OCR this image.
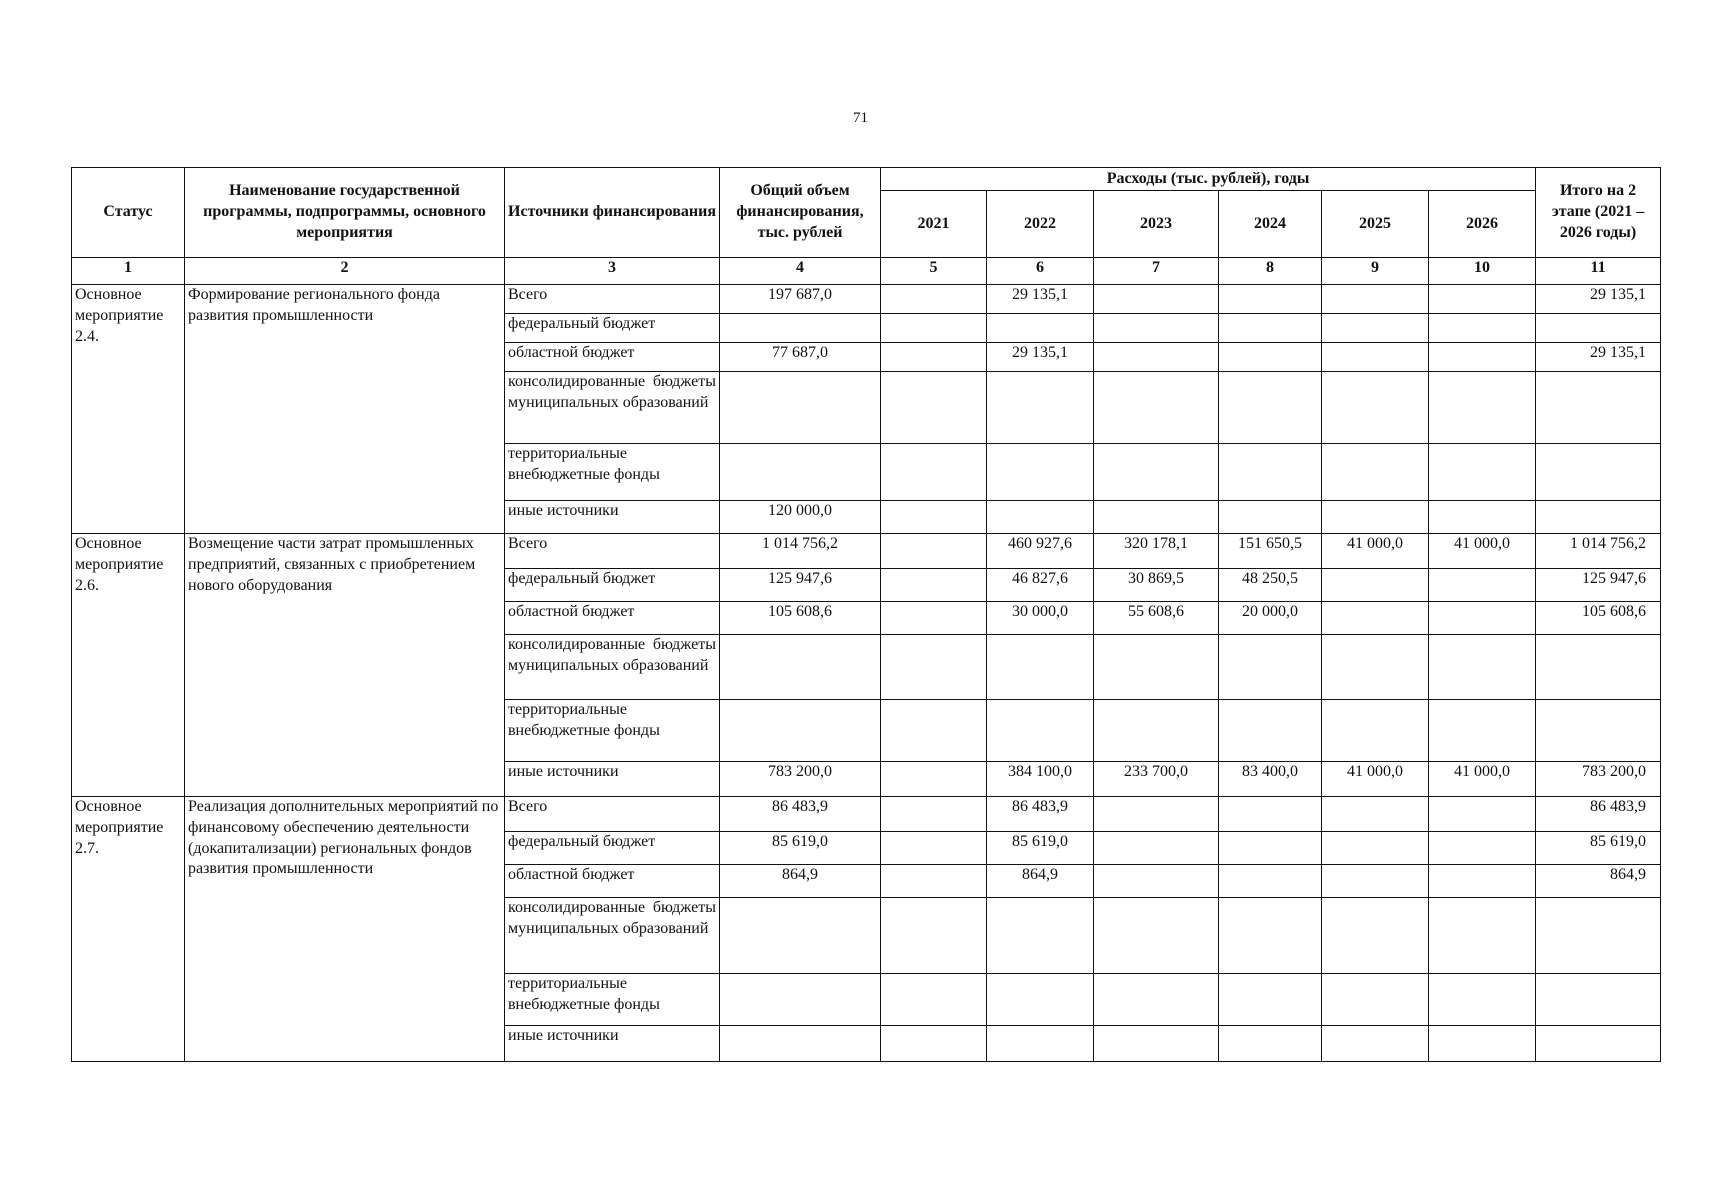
71
Статус	Наименование государственной программы, подпрограммы, основного мероприятия	Источники финансирования	Общий объем финансирования, тыс. рублей	Расходы (тыс. рублей), годы						Итого на 2 этапе (2021 – 2026 годы)
				2021	2022	2023	2024	2025	2026	
1	2	3	4	5	6	7	8	9	10	11
Основное мероприятие 2.4.	Формирование регионального фонда развития промышленности	Всего	197 687,0		29 135,1					29 135,1
		федеральный бюджет								
		областной бюджет	77 687,0		29 135,1					29 135,1
		консолидированные бюджеты муниципальных образований								
		территориальные внебюджетные фонды								
		иные источники	120 000,0							
Основное мероприятие 2.6.	Возмещение части затрат промышленных предприятий, связанных с приобретением нового оборудования	Всего	1 014 756,2		460 927,6	320 178,1	151 650,5	41 000,0	41 000,0	1 014 756,2
		федеральный бюджет	125 947,6		46 827,6	30 869,5	48 250,5			125 947,6
		областной бюджет	105 608,6		30 000,0	55 608,6	20 000,0			105 608,6
		консолидированные бюджеты муниципальных образований								
		территориальные внебюджетные фонды								
		иные источники	783 200,0		384 100,0	233 700,0	83 400,0	41 000,0	41 000,0	783 200,0
Основное мероприятие 2.7.	Реализация дополнительных мероприятий по финансовому обеспечению деятельности (докапитализации) региональных фондов развития промышленности	Всего	86 483,9		86 483,9					86 483,9
		федеральный бюджет	85 619,0		85 619,0					85 619,0
		областной бюджет	864,9		864,9					864,9
		консолидированные бюджеты муниципальных образований								
		территориальные внебюджетные фонды								
		иные источники								
